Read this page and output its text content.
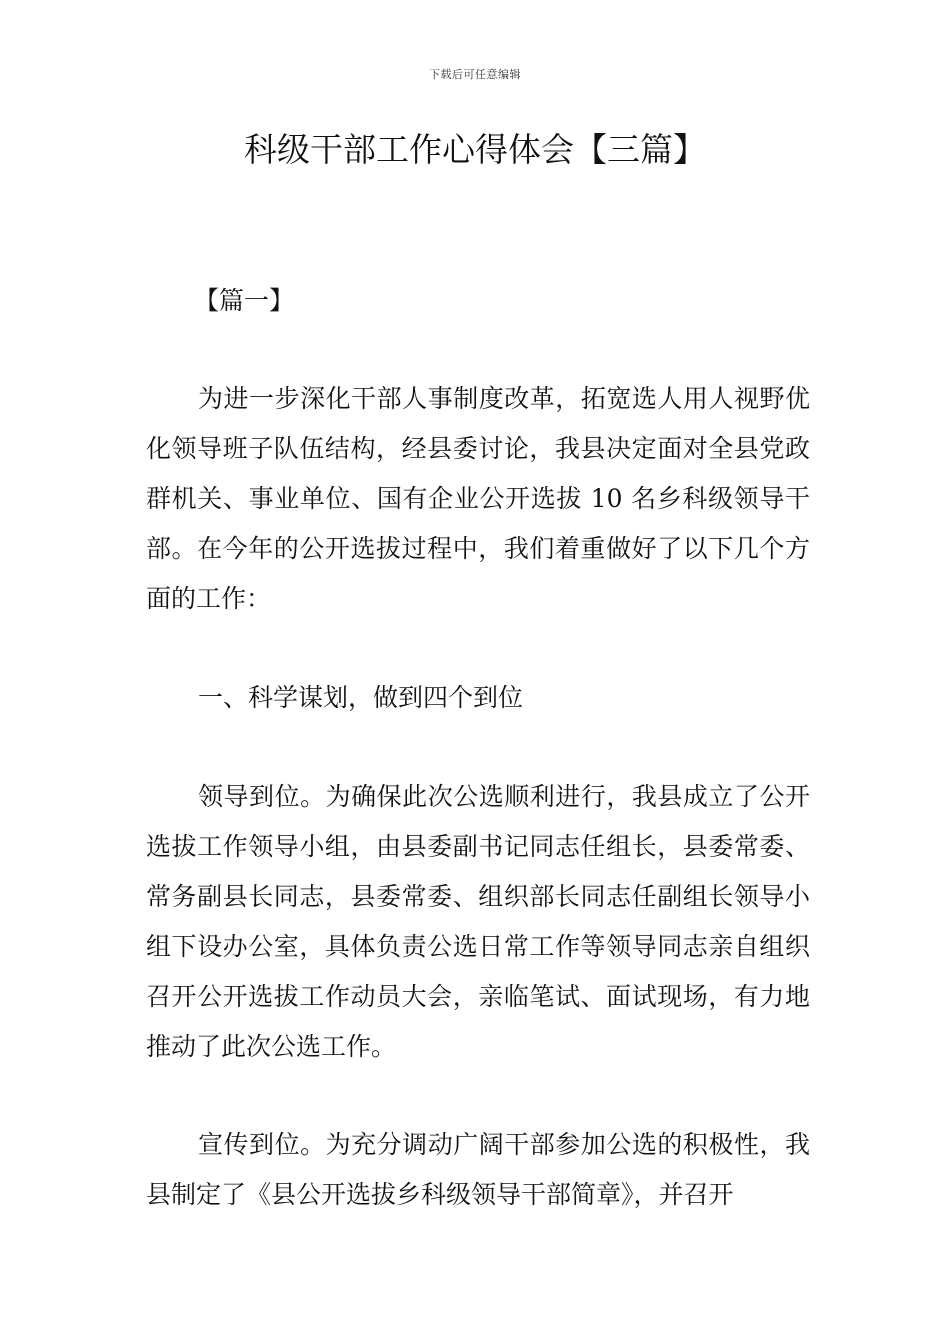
下载后可任意编辑
科级干部工作心得体会【三篇】

【篇一】

为进一步深化干部人事制度改革，拓宽选人用人视野优化领导班子队伍结构，经县委讨论，我县决定面对全县党政群机关、事业单位、国有企业公开选拔 10 名乡科级领导干部。在今年的公开选拔过程中，我们着重做好了以下几个方面的工作：

一、科学谋划，做到四个到位

领导到位。为确保此次公选顺利进行，我县成立了公开选拔工作领导小组，由县委副书记同志任组长，县委常委、常务副县长同志，县委常委、组织部长同志任副组长领导小组下设办公室，具体负责公选日常工作等领导同志亲自组织召开公开选拔工作动员大会，亲临笔试、面试现场，有力地推动了此次公选工作。

宣传到位。为充分调动广阔干部参加公选的积极性，我县制定了《县公开选拔乡科级领导干部简章》，并召开
